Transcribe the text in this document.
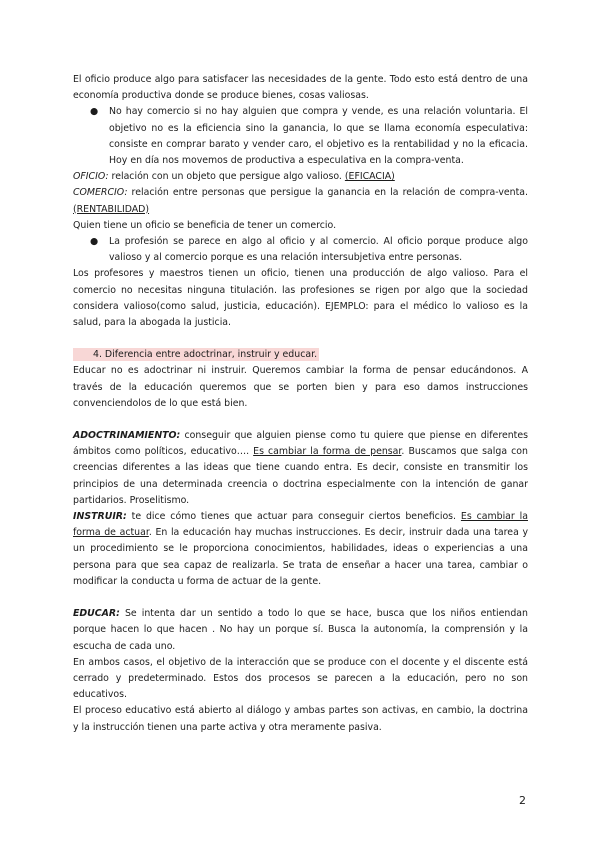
El oficio produce algo para satisfacer las necesidades de la gente. Todo esto está dentro de una economía productiva donde se produce bienes, cosas valiosas.

● No hay comercio si no hay alguien que compra y vende, es una relación voluntaria. El objetivo no es la eficiencia sino la ganancia, lo que se llama economía especulativa: consiste en comprar barato y vender caro, el objetivo es la rentabilidad y no la eficacia. Hoy en día nos movemos de productiva a especulativa en la compra-venta.

OFICIO: relación con un objeto que persigue algo valioso. (EFICACIA)

COMERCIO: relación entre personas que persigue la ganancia en la relación de compra-venta. (RENTABILIDAD)

Quien tiene un oficio se beneficia de tener un comercio.

● La profesión se parece en algo al oficio y al comercio. Al oficio porque produce algo valioso y al comercio porque es una relación intersubjetiva entre personas.

Los profesores y maestros tienen un oficio, tienen una producción de algo valioso. Para el comercio no necesitas ninguna titulación. las profesiones se rigen por algo que la sociedad considera valioso(como salud, justicia, educación). EJEMPLO: para el médico lo valioso es la salud, para la abogada la justicia.

4. Diferencia entre adoctrinar, instruir y educar.

Educar no es adoctrinar ni instruir. Queremos cambiar la forma de pensar educándonos. A través de la educación queremos que se porten bien y para eso damos instrucciones convenciendolos de lo que está bien.

ADOCTRINAMIENTO: conseguir que alguien piense como tu quiere que piense en diferentes ámbitos como políticos, educativo…. Es cambiar la forma de pensar. Buscamos que salga con creencias diferentes a las ideas que tiene cuando entra. Es decir, consiste en transmitir los principios de una determinada creencia o doctrina especialmente con la intención de ganar partidarios. Proselitismo.

INSTRUIR: te dice cómo tienes que actuar para conseguir ciertos beneficios. Es cambiar la forma de actuar. En la educación hay muchas instrucciones. Es decir, instruir dada una tarea y un procedimiento se le proporciona conocimientos, habilidades, ideas o experiencias a una persona para que sea capaz de realizarla. Se trata de enseñar a hacer una tarea, cambiar o modificar la conducta u forma de actuar de la gente.

EDUCAR: Se intenta dar un sentido a todo lo que se hace, busca que los niños entiendan porque hacen lo que hacen . No hay un porque sí. Busca la autonomía, la comprensión y la escucha de cada uno.

En ambos casos, el objetivo de la interacción que se produce con el docente y el discente está cerrado y predeterminado. Estos dos procesos se parecen a la educación, pero no son educativos.

El proceso educativo está abierto al diálogo y ambas partes son activas, en cambio, la doctrina y la instrucción tienen una parte activa y otra meramente pasiva.

2
